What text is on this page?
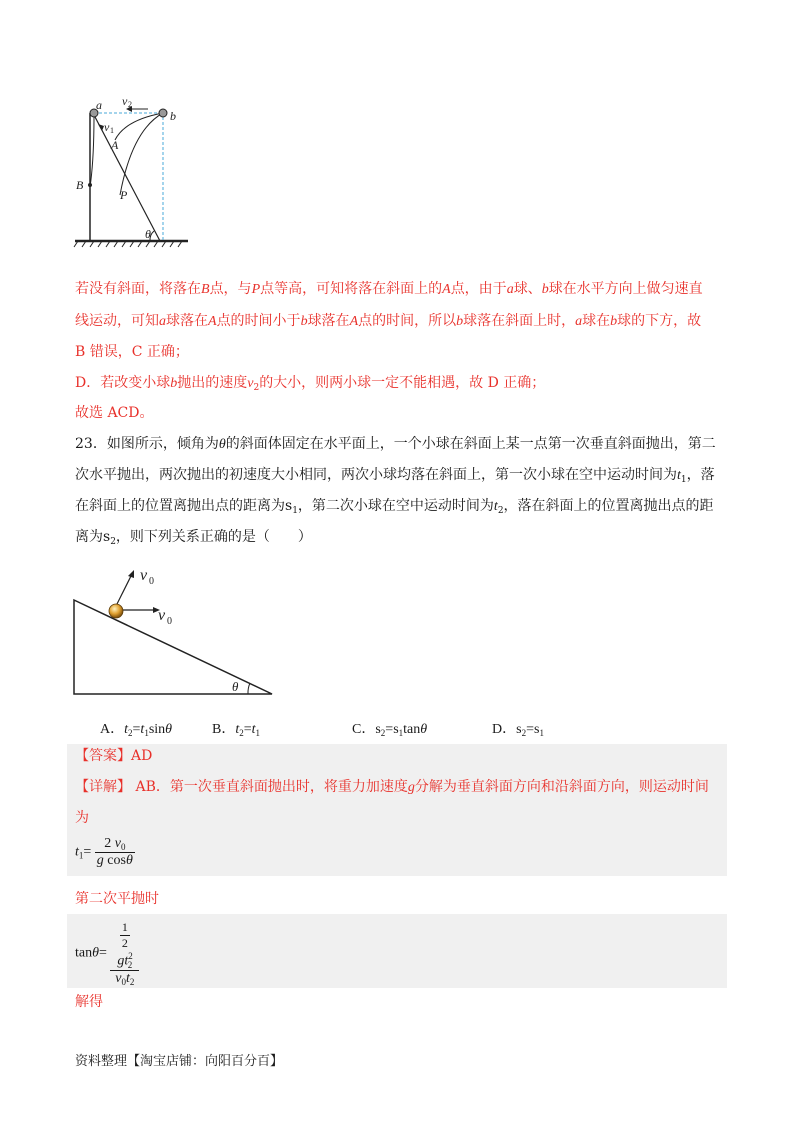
a
b
v 2
v 1
A
B
P
θ
若没有斜面，将落在B点，与P点等高，可知将落在斜面上的A点，由于a球、b球在水平方向上做匀速直
线运动，可知a球落在A点的时间小于b球落在A点的时间，所以b球落在斜面上时，a球在b球的下方，故
B 错误，C 正确；
D．若改变小球b抛出的速度$v_2$的大小，则两小球一定不能相遇，故 D 正确；
故选 ACD。
23．如图所示，倾角为θ的斜面体固定在水平面上，一个小球在斜面上某一点第一次垂直斜面抛出，第二
次水平抛出，两次抛出的初速度大小相同，两次小球均落在斜面上，第一次小球在空中运动时间为$t_1$，落
在斜面上的位置离抛出点的距离为$s_1$，第二次小球在空中运动时间为$t_2$，落在斜面上的位置离抛出点的距
离为$s_2$，则下列关系正确的是（　　）
v 0
v 0
θ
A．$t_2=t_1\sin\theta$	B．$t_2=t_1$	C．$s_2=s_1\tan\theta$	D．$s_2=s_1$
【答案】AD
【详解】 AB．第一次垂直斜面抛出时，将重力加速度g分解为垂直斜面方向和沿斜面方向，则运动时间
为
$t_1= \frac{2 v_0}{\text{g cosθ}}$
第二次平抛时
$\tan\theta= \frac{1}{2}$
$gt^2_2$
$v_0t_2$
解得
资料整理【淘宝店铺：向阳百分百】
